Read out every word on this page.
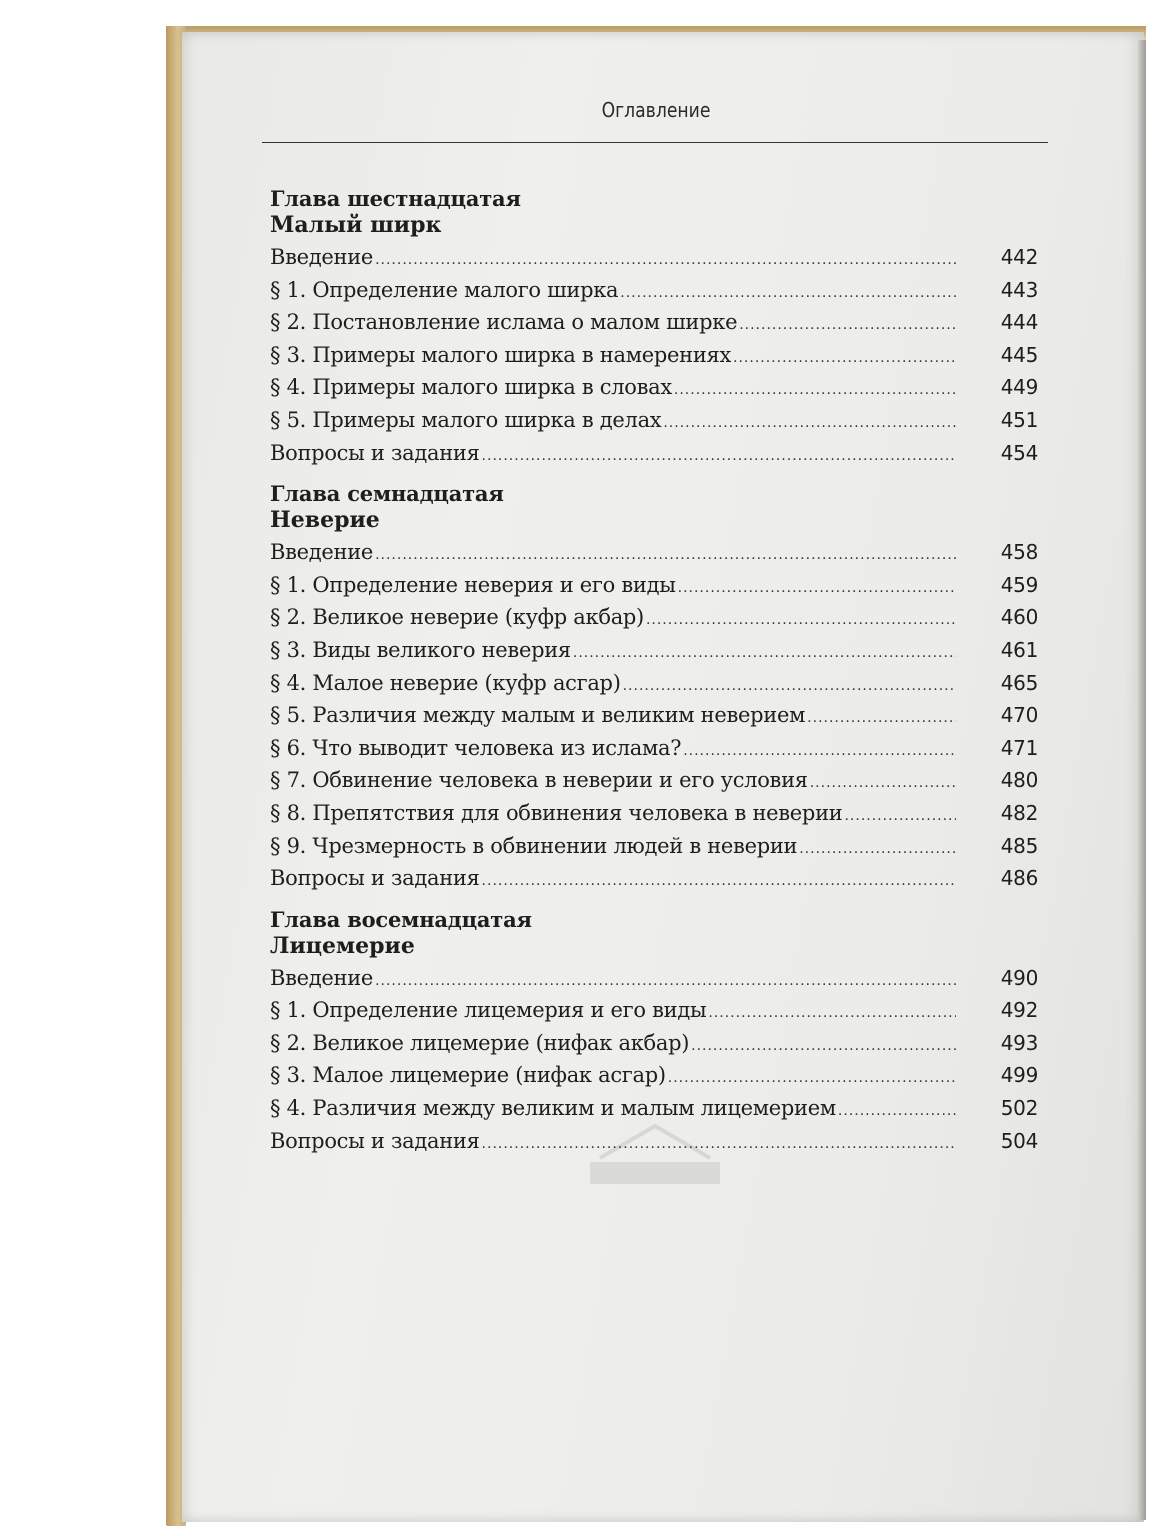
Оглавление
Глава шестнадцатая
Малый ширк
Введение .....	442
§ 1. Определение малого ширка .....	443
§ 2. Постановление ислама о малом ширке .....	444
§ 3. Примеры малого ширка в намерениях .....	445
§ 4. Примеры малого ширка в словах .....	449
§ 5. Примеры малого ширка в делах .....	451
Вопросы и задания .....	454
Глава семнадцатая
Неверие
Введение .....	458
§ 1. Определение неверия и его виды .....	459
§ 2. Великое неверие (куфр акбар) .....	460
§ 3. Виды великого неверия .....	461
§ 4. Малое неверие (куфр асгар) .....	465
§ 5. Различия между малым и великим неверием .....	470
§ 6. Что выводит человека из ислама? .....	471
§ 7. Обвинение человека в неверии и его условия .....	480
§ 8. Препятствия для обвинения человека в неверии .....	482
§ 9. Чрезмерность в обвинении людей в неверии .....	485
Вопросы и задания .....	486
Глава восемнадцатая
Лицемерие
Введение .....	490
§ 1. Определение лицемерия и его виды .....	492
§ 2. Великое лицемерие (нифак акбар) .....	493
§ 3. Малое лицемерие (нифак асгар) .....	499
§ 4. Различия между великим и малым лицемерием .....	502
Вопросы и задания .....	504
